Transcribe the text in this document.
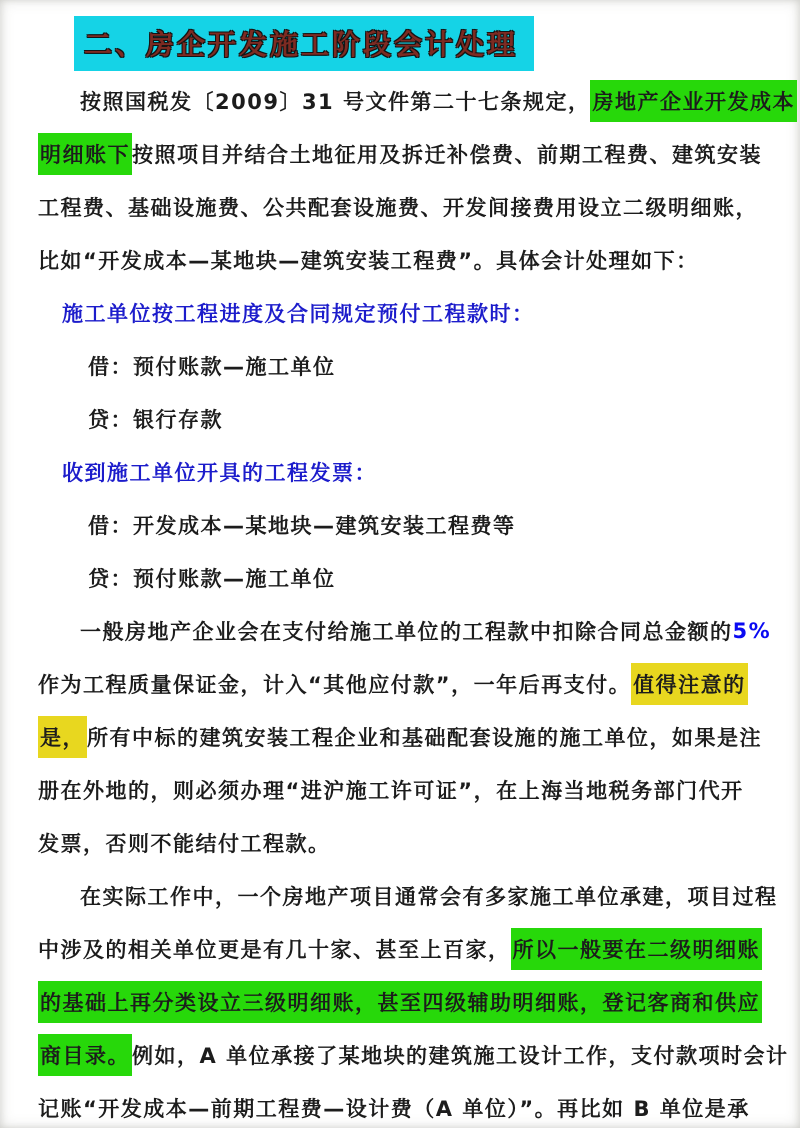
二、房企开发施工阶段会计处理
按照国税发〔2009〕31 号文件第二十七条规定， 房地产企业开发成本
明细账下 按照项目并结合土地征用及拆迁补偿费、前期工程费、建筑安装
工程费、基础设施费、公共配套设施费、开发间接费用设立二级明细账，
比如“开发成本—某地块—建筑安装工程费”。具体会计处理如下：
施工单位按工程进度及合同规定预付工程款时：
借：预付账款—施工单位
贷：银行存款
收到施工单位开具的工程发票：
借：开发成本—某地块—建筑安装工程费等
贷：预付账款—施工单位
一般房地产企业会在支付给施工单位的工程款中扣除合同总金额的 5%
作为工程质量保证金，计入“其他应付款”，一年后再支付。 值得注意的
是， 所有中标的建筑安装工程企业和基础配套设施的施工单位，如果是注
册在外地的，则必须办理“进沪施工许可证”，在上海当地税务部门代开
发票，否则不能结付工程款。
在实际工作中，一个房地产项目通常会有多家施工单位承建，项目过程
中涉及的相关单位更是有几十家、甚至上百家， 所以一般要在二级明细账
的基础上再分类设立三级明细账，甚至四级辅助明细账，登记客商和供应
商目录。 例如，A 单位承接了某地块的建筑施工设计工作，支付款项时会计
记账“开发成本—前期工程费—设计费（A 单位）”。再比如 B 单位是承
